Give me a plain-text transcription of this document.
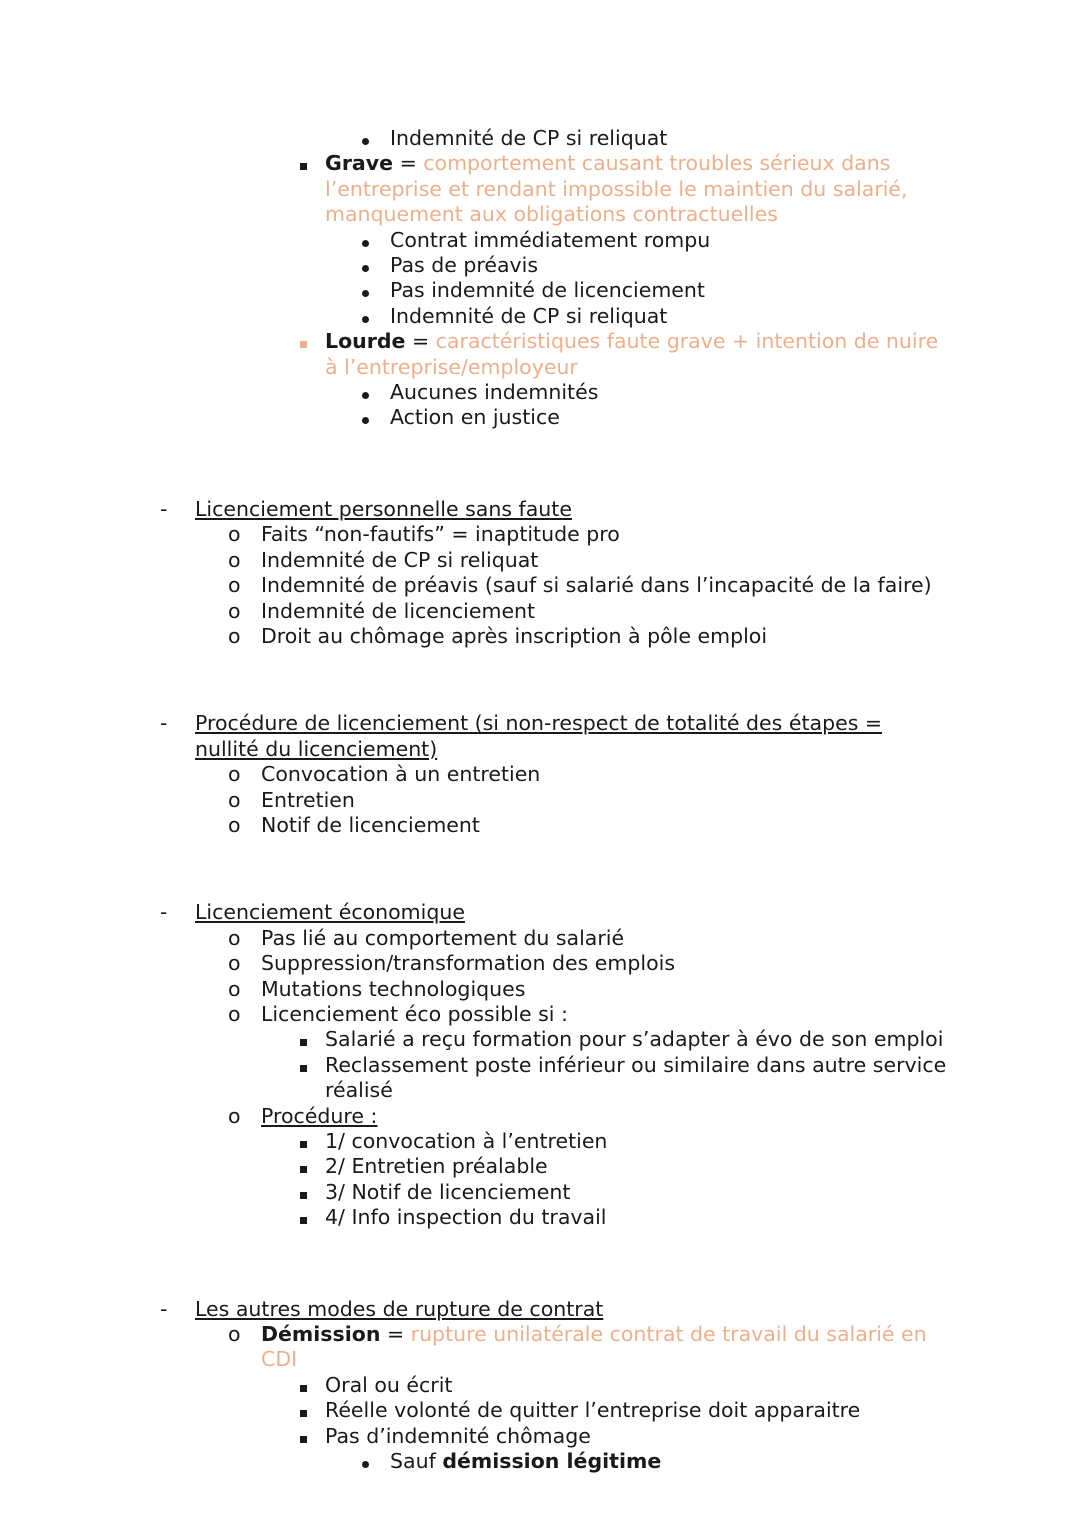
Indemnité de CP si reliquat
Grave = comportement causant troubles sérieux dans l’entreprise et rendant impossible le maintien du salarié, manquement aux obligations contractuelles
Contrat immédiatement rompu
Pas de préavis
Pas indemnité de licenciement
Indemnité de CP si reliquat
Lourde = caractéristiques faute grave + intention de nuire à l’entreprise/employeur
Aucunes indemnités
Action en justice
- Licenciement personnelle sans faute
o Faits “non-fautifs” = inaptitude pro
o Indemnité de CP si reliquat
o Indemnité de préavis (sauf si salarié dans l’incapacité de la faire)
o Indemnité de licenciement
o Droit au chômage après inscription à pôle emploi
- Procédure de licenciement (si non-respect de totalité des étapes = nullité du licenciement)
o Convocation à un entretien
o Entretien
o Notif de licenciement
- Licenciement économique
o Pas lié au comportement du salarié
o Suppression/transformation des emplois
o Mutations technologiques
o Licenciement éco possible si :
Salarié a reçu formation pour s’adapter à évo de son emploi
Reclassement poste inférieur ou similaire dans autre service réalisé
o Procédure :
1/ convocation à l’entretien
2/ Entretien préalable
3/ Notif de licenciement
4/ Info inspection du travail
- Les autres modes de rupture de contrat
o Démission = rupture unilatérale contrat de travail du salarié en CDI
Oral ou écrit
Réelle volonté de quitter l’entreprise doit apparaitre
Pas d’indemnité chômage
Sauf démission légitime
